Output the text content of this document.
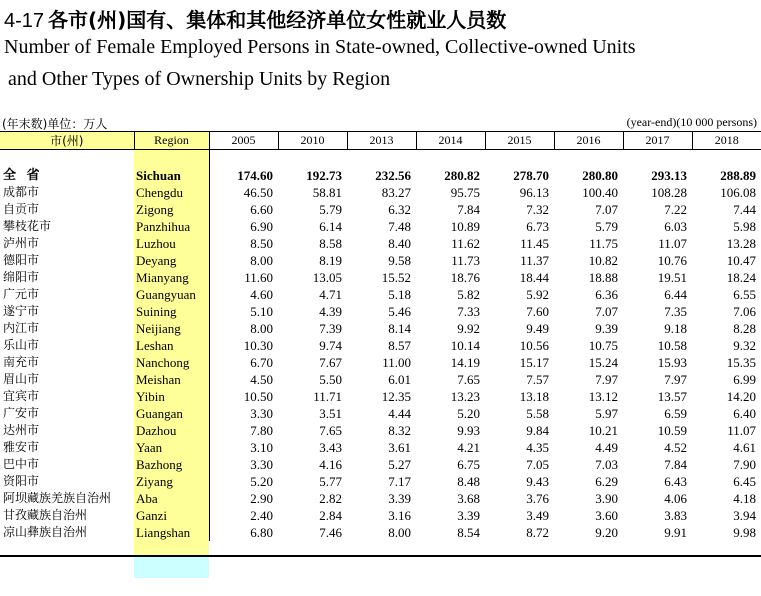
4-17 各市(州)国有、集体和其他经济单位女性就业人员数
Number of Female Employed Persons in State-owned, Collective-owned Units
and Other Types of Ownership Units by Region
(年末数)单位：万人	(year-end)(10 000 persons)
市(州)	Region	2005	2010	2013	2014	2015	2016	2017	2018

全 省	Sichuan	174.60	192.73	232.56	280.82	278.70	280.80	293.13	288.89
成都市	Chengdu	46.50	58.81	83.27	95.75	96.13	100.40	108.28	106.08
自贡市	Zigong	6.60	5.79	6.32	7.84	7.32	7.07	7.22	7.44
攀枝花市	Panzhihua	6.90	6.14	7.48	10.89	6.73	5.79	6.03	5.98
泸州市	Luzhou	8.50	8.58	8.40	11.62	11.45	11.75	11.07	13.28
德阳市	Deyang	8.00	8.19	9.58	11.73	11.37	10.82	10.76	10.47
绵阳市	Mianyang	11.60	13.05	15.52	18.76	18.44	18.88	19.51	18.24
广元市	Guangyuan	4.60	4.71	5.18	5.82	5.92	6.36	6.44	6.55
遂宁市	Suining	5.10	4.39	5.46	7.33	7.60	7.07	7.35	7.06
内江市	Neijiang	8.00	7.39	8.14	9.92	9.49	9.39	9.18	8.28
乐山市	Leshan	10.30	9.74	8.57	10.14	10.56	10.75	10.58	9.32
南充市	Nanchong	6.70	7.67	11.00	14.19	15.17	15.24	15.93	15.35
眉山市	Meishan	4.50	5.50	6.01	7.65	7.57	7.97	7.97	6.99
宜宾市	Yibin	10.50	11.71	12.35	13.23	13.18	13.12	13.57	14.20
广安市	Guangan	3.30	3.51	4.44	5.20	5.58	5.97	6.59	6.40
达州市	Dazhou	7.80	7.65	8.32	9.93	9.84	10.21	10.59	11.07
雅安市	Yaan	3.10	3.43	3.61	4.21	4.35	4.49	4.52	4.61
巴中市	Bazhong	3.30	4.16	5.27	6.75	7.05	7.03	7.84	7.90
资阳市	Ziyang	5.20	5.77	7.17	8.48	9.43	6.29	6.43	6.45
阿坝藏族羌族自治州	Aba	2.90	2.82	3.39	3.68	3.76	3.90	4.06	4.18
甘孜藏族自治州	Ganzi	2.40	2.84	3.16	3.39	3.49	3.60	3.83	3.94
凉山彝族自治州	Liangshan	6.80	7.46	8.00	8.54	8.72	9.20	9.91	9.98
